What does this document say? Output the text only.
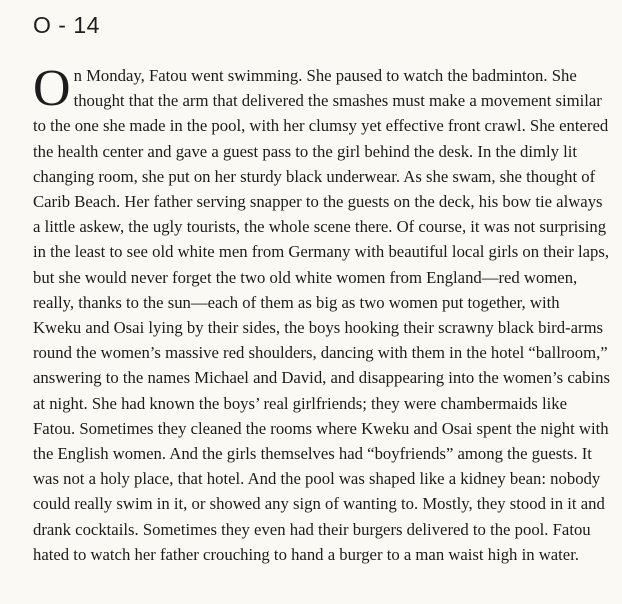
O - 14

On Monday, Fatou went swimming. She paused to watch the badminton. She thought that the arm that delivered the smashes must make a movement similar to the one she made in the pool, with her clumsy yet effective front crawl. She entered the health center and gave a guest pass to the girl behind the desk. In the dimly lit changing room, she put on her sturdy black underwear. As she swam, she thought of Carib Beach. Her father serving snapper to the guests on the deck, his bow tie always a little askew, the ugly tourists, the whole scene there. Of course, it was not surprising in the least to see old white men from Germany with beautiful local girls on their laps, but she would never forget the two old white women from England—red women, really, thanks to the sun—each of them as big as two women put together, with Kweku and Osai lying by their sides, the boys hooking their scrawny black bird-arms round the women’s massive red shoulders, dancing with them in the hotel “ballroom,” answering to the names Michael and David, and disappearing into the women’s cabins at night. She had known the boys’ real girlfriends; they were chambermaids like Fatou. Sometimes they cleaned the rooms where Kweku and Osai spent the night with the English women. And the girls themselves had “boyfriends” among the guests. It was not a holy place, that hotel. And the pool was shaped like a kidney bean: nobody could really swim in it, or showed any sign of wanting to. Mostly, they stood in it and drank cocktails. Sometimes they even had their burgers delivered to the pool. Fatou hated to watch her father crouching to hand a burger to a man waist high in water.
